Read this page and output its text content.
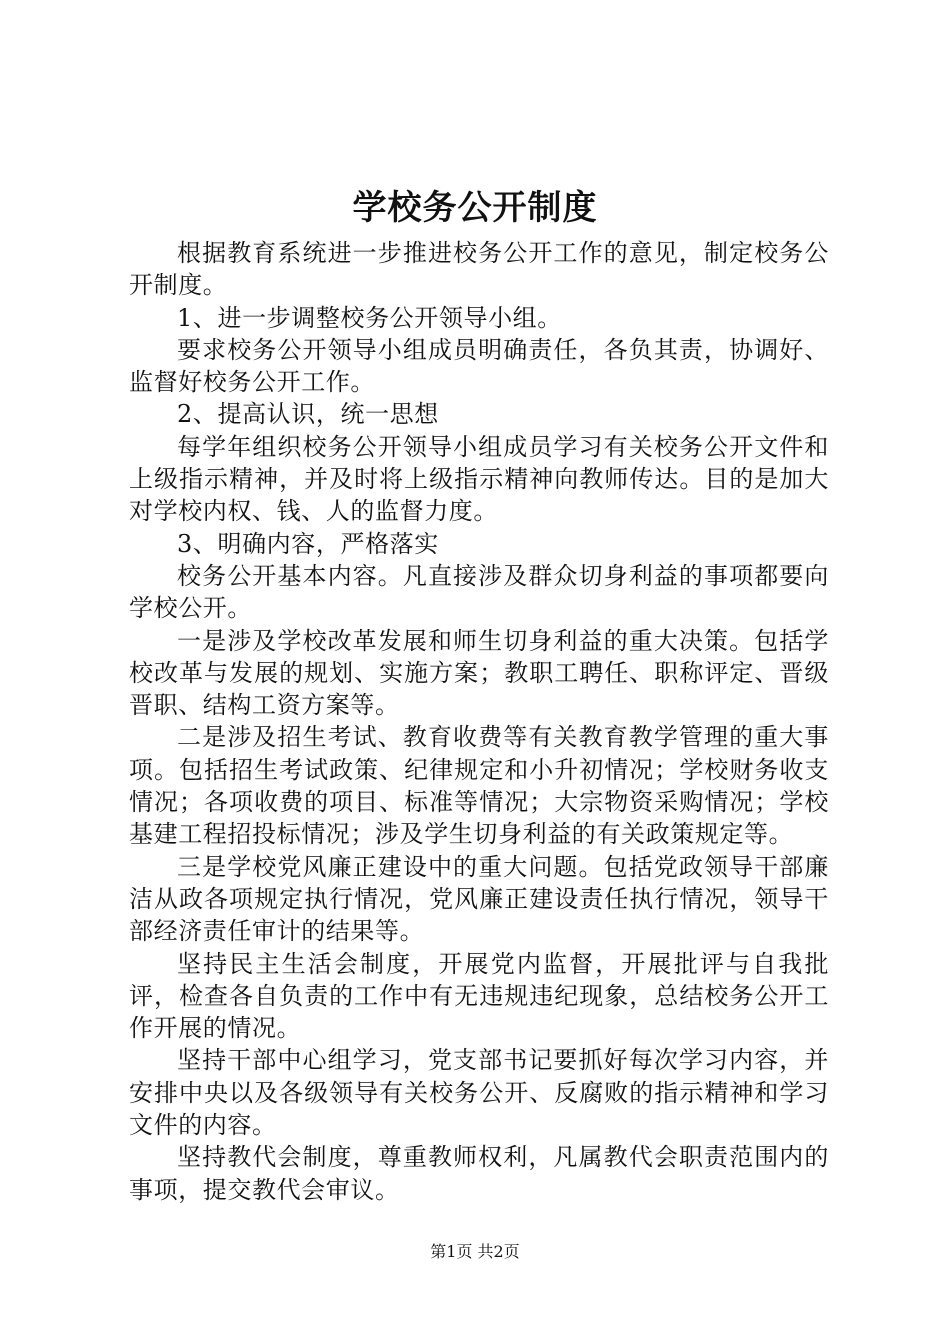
学校务公开制度

根据教育系统进一步推进校务公开工作的意见，制定校务公开制度。

1、进一步调整校务公开领导小组。

要求校务公开领导小组成员明确责任，各负其责，协调好、监督好校务公开工作。

2、提高认识，统一思想

每学年组织校务公开领导小组成员学习有关校务公开文件和上级指示精神，并及时将上级指示精神向教师传达。目的是加大对学校内权、钱、人的监督力度。

3、明确内容，严格落实

校务公开基本内容。凡直接涉及群众切身利益的事项都要向学校公开。

一是涉及学校改革发展和师生切身利益的重大决策。包括学校改革与发展的规划、实施方案；教职工聘任、职称评定、晋级晋职、结构工资方案等。

二是涉及招生考试、教育收费等有关教育教学管理的重大事项。包括招生考试政策、纪律规定和小升初情况；学校财务收支情况；各项收费的项目、标准等情况；大宗物资采购情况；学校基建工程招投标情况；涉及学生切身利益的有关政策规定等。

三是学校党风廉正建设中的重大问题。包括党政领导干部廉洁从政各项规定执行情况，党风廉正建设责任执行情况，领导干部经济责任审计的结果等。

坚持民主生活会制度，开展党内监督，开展批评与自我批评，检查各自负责的工作中有无违规违纪现象，总结校务公开工作开展的情况。

坚持干部中心组学习，党支部书记要抓好每次学习内容，并安排中央以及各级领导有关校务公开、反腐败的指示精神和学习文件的内容。

坚持教代会制度，尊重教师权利，凡属教代会职责范围内的事项，提交教代会审议。

第1页 共2页
